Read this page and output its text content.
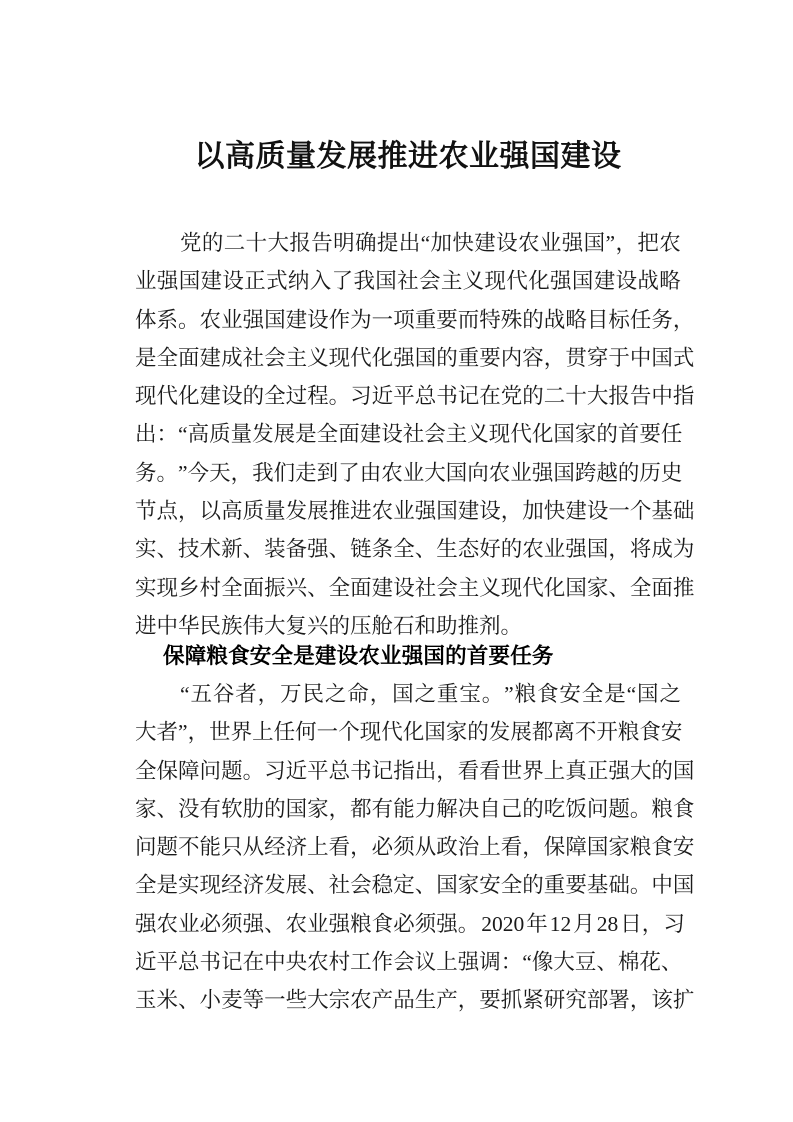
以高质量发展推进农业强国建设
党 的 二 十 大 报 告 明 确 提 出 “ 加 快 建 设 农 业 强 国 ” ， 把 农
业 强 国 建 设 正 式 纳 入 了 我 国 社 会 主 义 现 代 化 强 国 建 设 战 略
体 系 。 农 业 强 国 建 设 作 为 一 项 重 要 而 特 殊 的 战 略 目 标 任 务 ，
是 全 面 建 成 社 会 主 义 现 代 化 强 国 的 重 要 内 容 ， 贯 穿 于 中 国 式
现 代 化 建 设 的 全 过 程 。 习 近 平 总 书 记 在 党 的 二 十 大 报 告 中 指
出 ： “ 高 质 量 发 展 是 全 面 建 设 社 会 主 义 现 代 化 国 家 的 首 要 任
务 。 ” 今 天 ， 我 们 走 到 了 由 农 业 大 国 向 农 业 强 国 跨 越 的 历 史
节 点 ， 以 高 质 量 发 展 推 进 农 业 强 国 建 设 ， 加 快 建 设 一 个 基 础
实 、 技 术 新 、 装 备 强 、 链 条 全 、 生 态 好 的 农 业 强 国 ， 将 成 为
实 现 乡 村 全 面 振 兴 、 全 面 建 设 社 会 主 义 现 代 化 国 家 、 全 面 推
进中华民族伟大复兴的压舱石和助推剂。
保障粮食安全是建设农业强国的首要任务
“ 五 谷 者 ， 万 民 之 命 ， 国 之 重 宝 。 ” 粮 食 安 全 是 “ 国 之
大 者 ” ， 世 界 上 任 何 一 个 现 代 化 国 家 的 发 展 都 离 不 开 粮 食 安
全 保 障 问 题 。 习 近 平 总 书 记 指 出 ， 看 看 世 界 上 真 正 强 大 的 国
家 、 没 有 软 肋 的 国 家 ， 都 有 能 力 解 决 自 己 的 吃 饭 问 题 。 粮 食
问 题 不 能 只 从 经 济 上 看 ， 必 须 从 政 治 上 看 ， 保 障 国 家 粮 食 安
全 是 实 现 经 济 发 展 、 社 会 稳 定 、 国 家 安 全 的 重 要 基 础 。 中 国
强 农 业 必 须 强 、 农 业 强 粮 食 必 须 强 。 2020 年 12 月 28 日 ， 习
近 平 总 书 记 在 中 央 农 村 工 作 会 议 上 强 调 ： “ 像 大 豆 、 棉 花 、
玉 米 、 小 麦 等 一 些 大 宗 农 产 品 生 产 ， 要 抓 紧 研 究 部 署 ， 该 扩
